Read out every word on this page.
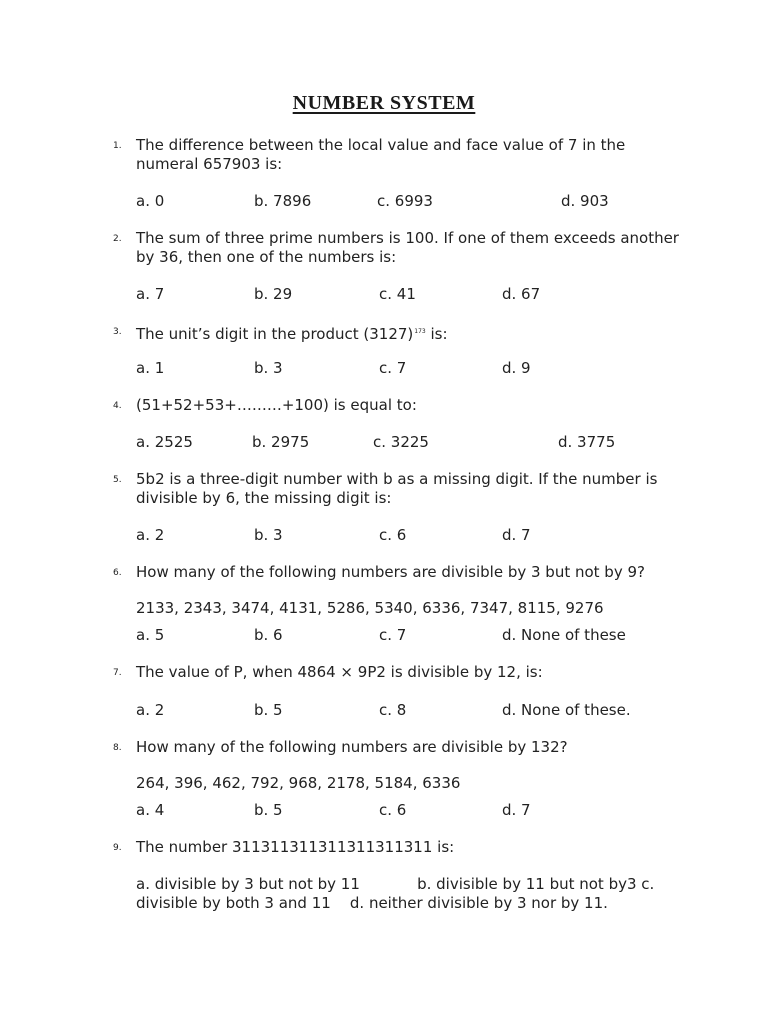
NUMBER SYSTEM
1. The difference between the local value and face value of 7 in the numeral 657903 is:
a. 0	b. 7896	c. 6993	d. 903
2. The sum of three prime numbers is 100. If one of them exceeds another by 36, then one of the numbers is:
a. 7	b. 29	c. 41	d. 67
3. The unit’s digit in the product $(3127)^{173}$ is:
a. 1	b. 3	c. 7	d. 9
4. (51+52+53+………+100) is equal to:
a. 2525	b. 2975	c. 3225	d. 3775
5. 5b2 is a three-digit number with b as a missing digit. If the number is divisible by 6, the missing digit is:
a. 2	b. 3	c. 6	d. 7
6. How many of the following numbers are divisible by 3 but not by 9?
2133, 2343, 3474, 4131, 5286, 5340, 6336, 7347, 8115, 9276
a. 5	b. 6	c. 7	d. None of these
7. The value of P, when 4864 × 9P2 is divisible by 12, is:
a. 2	b. 5	c. 8	d. None of these.
8. How many of the following numbers are divisible by 132?
264, 396, 462, 792, 968, 2178, 5184, 6336
a. 4	b. 5	c. 6	d. 7
9. The number 311311311311311311311 is:
a. divisible by 3 but not by 11            b. divisible by 11 but not by3 c. divisible by both 3 and 11    d. neither divisible by 3 nor by 11.
